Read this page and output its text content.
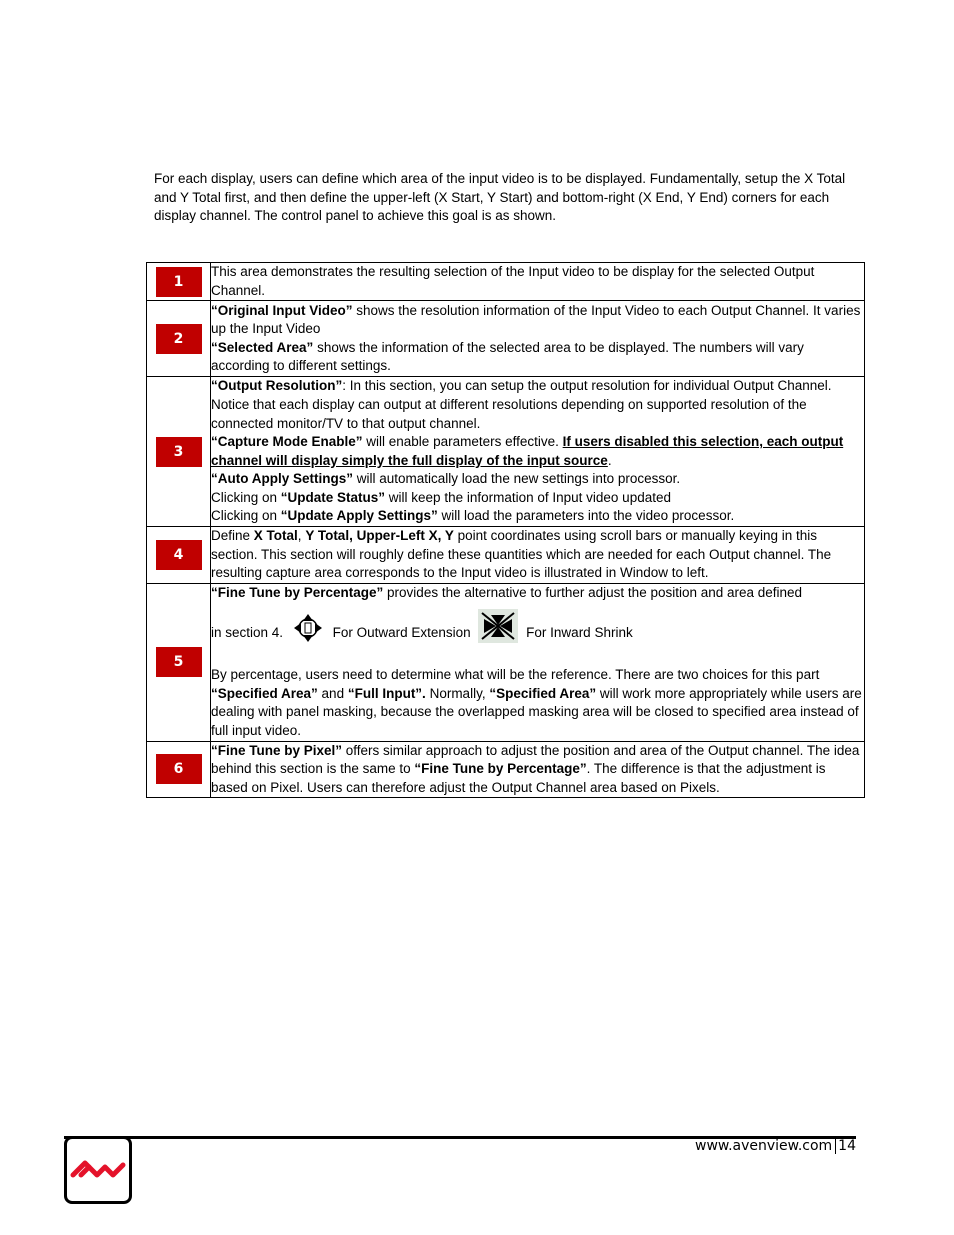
For each display, users can define which area of the input video is to be displayed. Fundamentally, setup the X Total and Y Total first, and then define the upper-left (X Start, Y Start) and bottom-right (X End, Y End) corners for each display channel. The control panel to achieve this goal is as shown.

1	This area demonstrates the resulting selection of the Input video to be display for the selected Output Channel.
2	“Original Input Video” shows the resolution information of the Input Video to each Output Channel. It varies up the Input Video

“Selected Area” shows the information of the selected area to be displayed. The numbers will vary according to different settings.

3	“Output Resolution”: In this section, you can setup the output resolution for individual Output Channel. Notice that each display can output at different resolutions depending on supported resolution of the connected monitor/TV to that output channel.

“Capture Mode Enable” will enable parameters effective. If users disabled this selection, each output channel will display simply the full display of the input source.

“Auto Apply Settings” will automatically load the new settings into processor.

Clicking on “Update Status” will keep the information of Input video updated

Clicking on “Update Apply Settings” will load the parameters into the video processor.

4	Define X Total, Y Total, Upper-Left X, Y point coordinates using scroll bars or manually keying in this section. This section will roughly define these quantities which are needed for each Output channel. The resulting capture area corresponds to the Input video is illustrated in Window to left.

5	“Fine Tune by Percentage” provides the alternative to further adjust the position and area defined

in section 4. For Outward Extension For Inward Shrink

By percentage, users need to determine what will be the reference. There are two choices for this part “Specified Area” and “Full Input”. Normally, “Specified Area” will work more appropriately while users are dealing with panel masking, because the overlapped masking area will be closed to specified area instead of full input video.

6	“Fine Tune by Pixel” offers similar approach to adjust the position and area of the Output channel. The idea behind this section is the same to “Fine Tune by Percentage”. The difference is that the adjustment is based on Pixel. Users can therefore adjust the Output Channel area based on Pixels.

www.avenview.com 14
